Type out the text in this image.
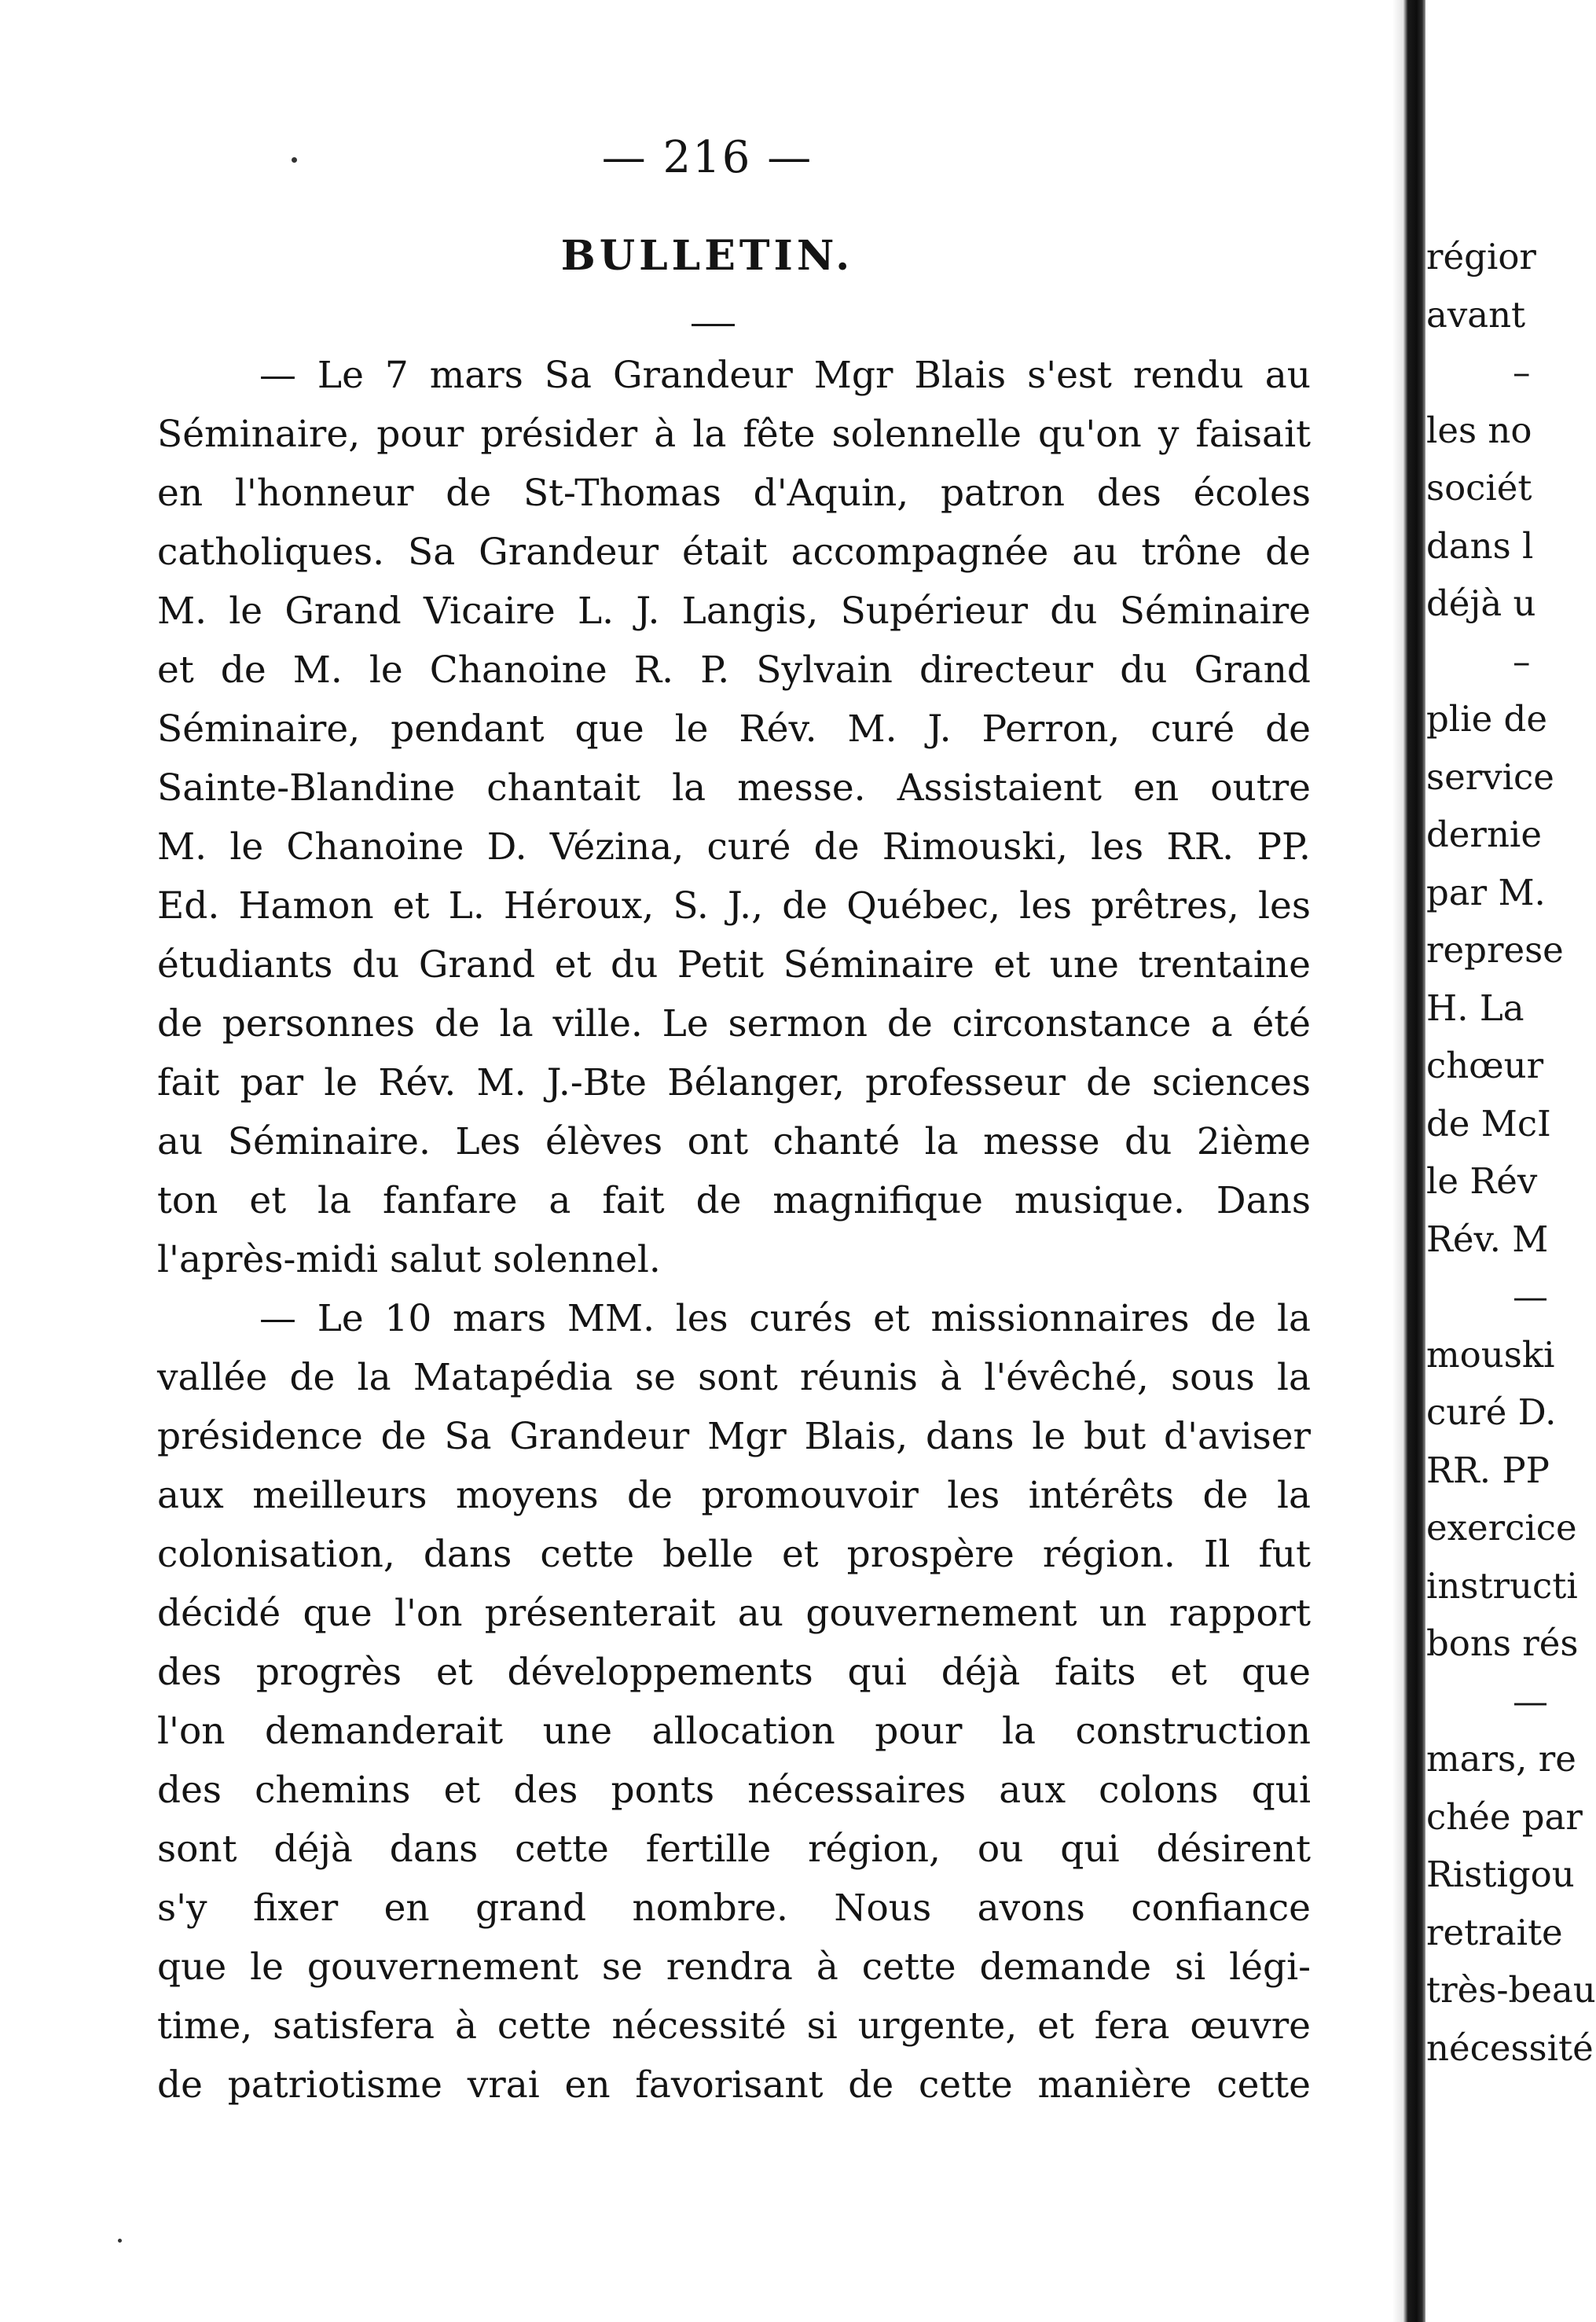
— 216 —
BULLETIN.
— Le 7 mars Sa Grandeur Mgr Blais s'est rendu au
Séminaire, pour présider à la fête solennelle qu'on y faisait
en l'honneur de St-Thomas d'Aquin, patron des écoles
catholiques. Sa Grandeur était accompagnée au trône de
M. le Grand Vicaire L. J. Langis, Supérieur du Séminaire
et de M. le Chanoine R. P. Sylvain directeur du Grand
Séminaire, pendant que le Rév. M. J. Perron, curé de
Sainte-Blandine chantait la messe. Assistaient en outre
M. le Chanoine D. Vézina, curé de Rimouski, les RR. PP.
Ed. Hamon et L. Héroux, S. J., de Québec, les prêtres, les
étudiants du Grand et du Petit Séminaire et une trentaine
de personnes de la ville. Le sermon de circonstance a été
fait par le Rév. M. J.-Bte Bélanger, professeur de sciences
au Séminaire. Les élèves ont chanté la messe du 2ième
ton et la fanfare a fait de magnifique musique. Dans
l'après-midi salut solennel.
— Le 10 mars MM. les curés et missionnaires de la
vallée de la Matapédia se sont réunis à l'évêché, sous la
présidence de Sa Grandeur Mgr Blais, dans le but d'aviser
aux meilleurs moyens de promouvoir les intérêts de la
colonisation, dans cette belle et prospère région. Il fut
décidé que l'on présenterait au gouvernement un rapport
des progrès et développements qui déjà faits et que
l'on demanderait une allocation pour la construction
des chemins et des ponts nécessaires aux colons qui
sont déjà dans cette fertille région, ou qui désirent
s'y fixer en grand nombre. Nous avons confiance
que le gouvernement se rendra à cette demande si légi-
time, satisfera à cette nécessité si urgente, et fera œuvre
de patriotisme vrai en favorisant de cette manière cette
régior
avant
–
les no
sociét
dans l
déjà u
–
plie de
service
dernie
par M.
represe
H. La
chœur
de McI
le Rév
Rév. M
—
mouski
curé D.
RR. PP
exercice
instructi
bons rés
—
mars, re
chée par
Ristigou
retraite
très-beau
nécessité
